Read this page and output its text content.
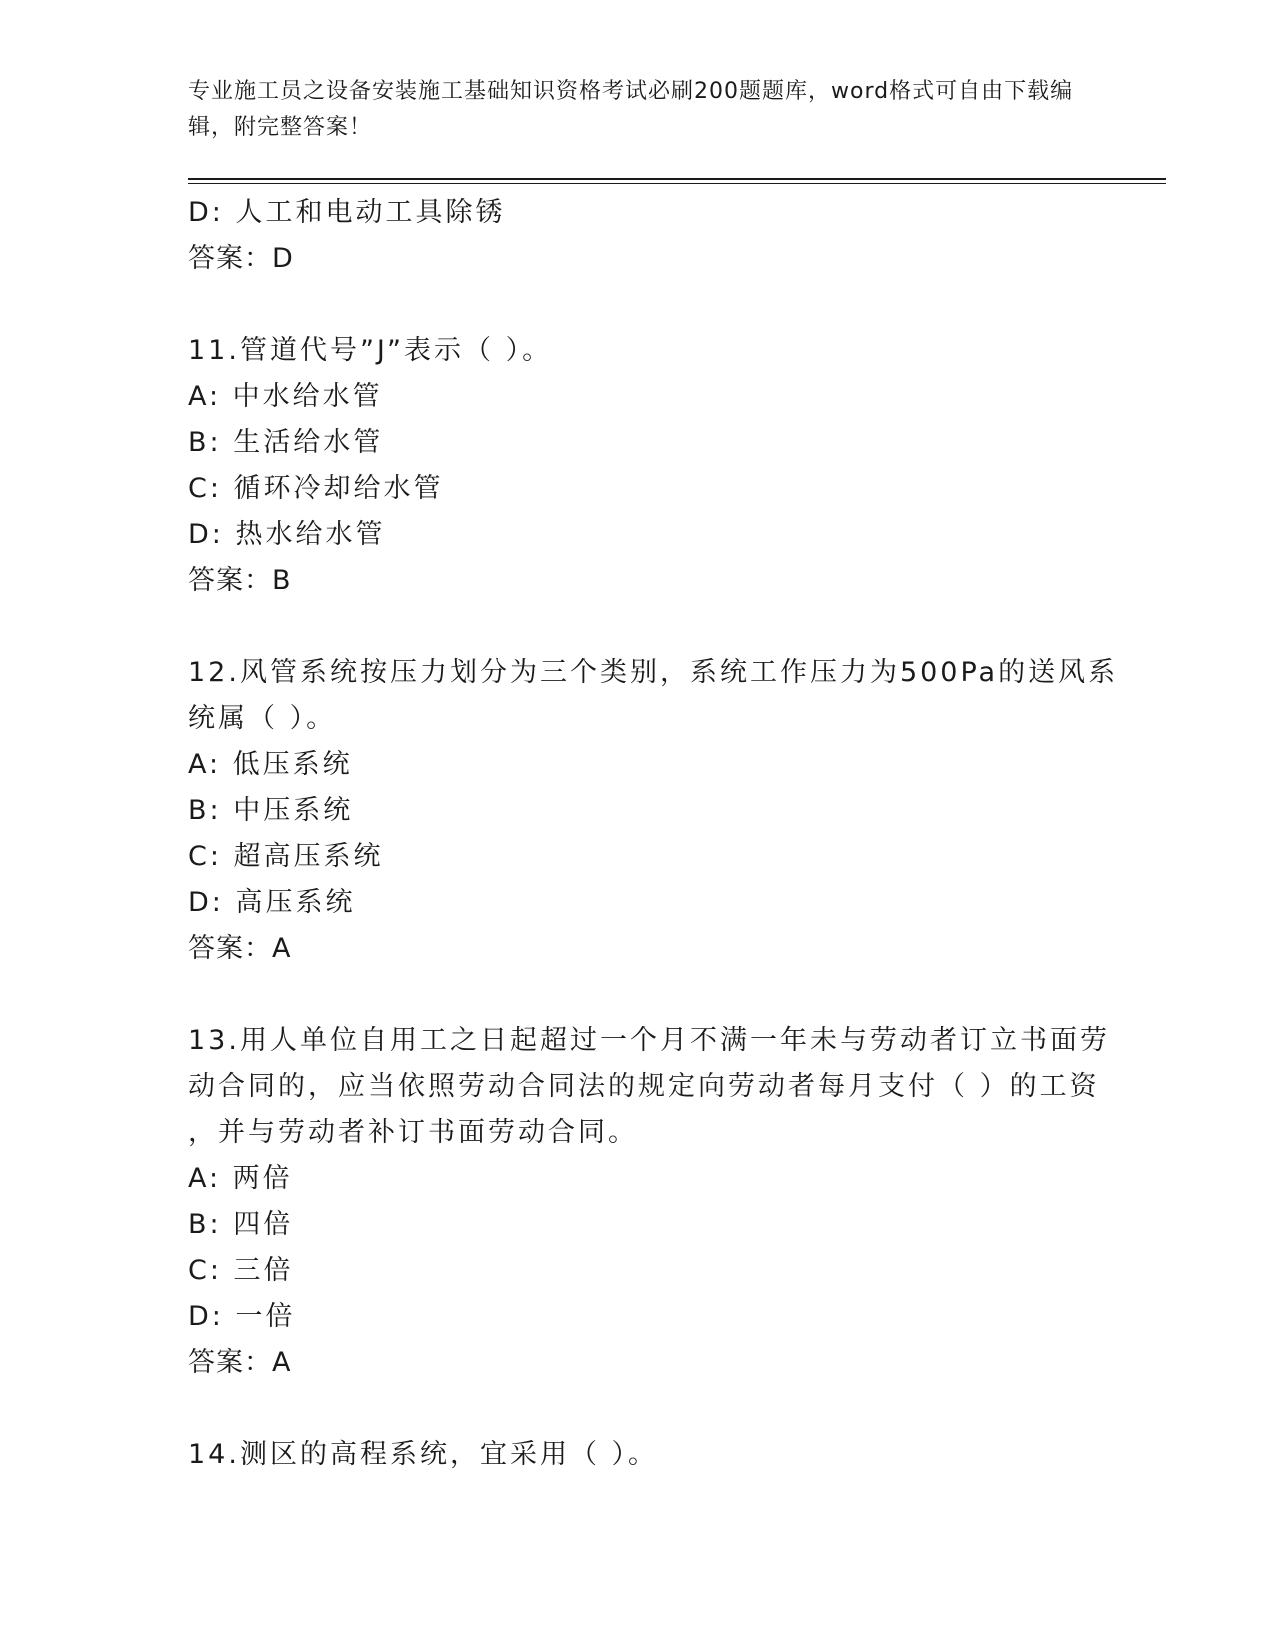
专业施工员之设备安装施工基础知识资格考试必刷200题题库，word格式可自由下载编辑，附完整答案！
D: 人工和电动工具除锈
答案：D
11.管道代号”J”表示（ ）。
A: 中水给水管
B: 生活给水管
C: 循环冷却给水管
D: 热水给水管
答案：B
12.风管系统按压力划分为三个类别，系统工作压力为500Pa的送风系
统属（ ）。
A: 低压系统
B: 中压系统
C: 超高压系统
D: 高压系统
答案：A
13.用人单位自用工之日起超过一个月不满一年未与劳动者订立书面劳
动合同的，应当依照劳动合同法的规定向劳动者每月支付（ ）的工资
，并与劳动者补订书面劳动合同。
A: 两倍
B: 四倍
C: 三倍
D: 一倍
答案：A
14.测区的高程系统，宜采用（ ）。
